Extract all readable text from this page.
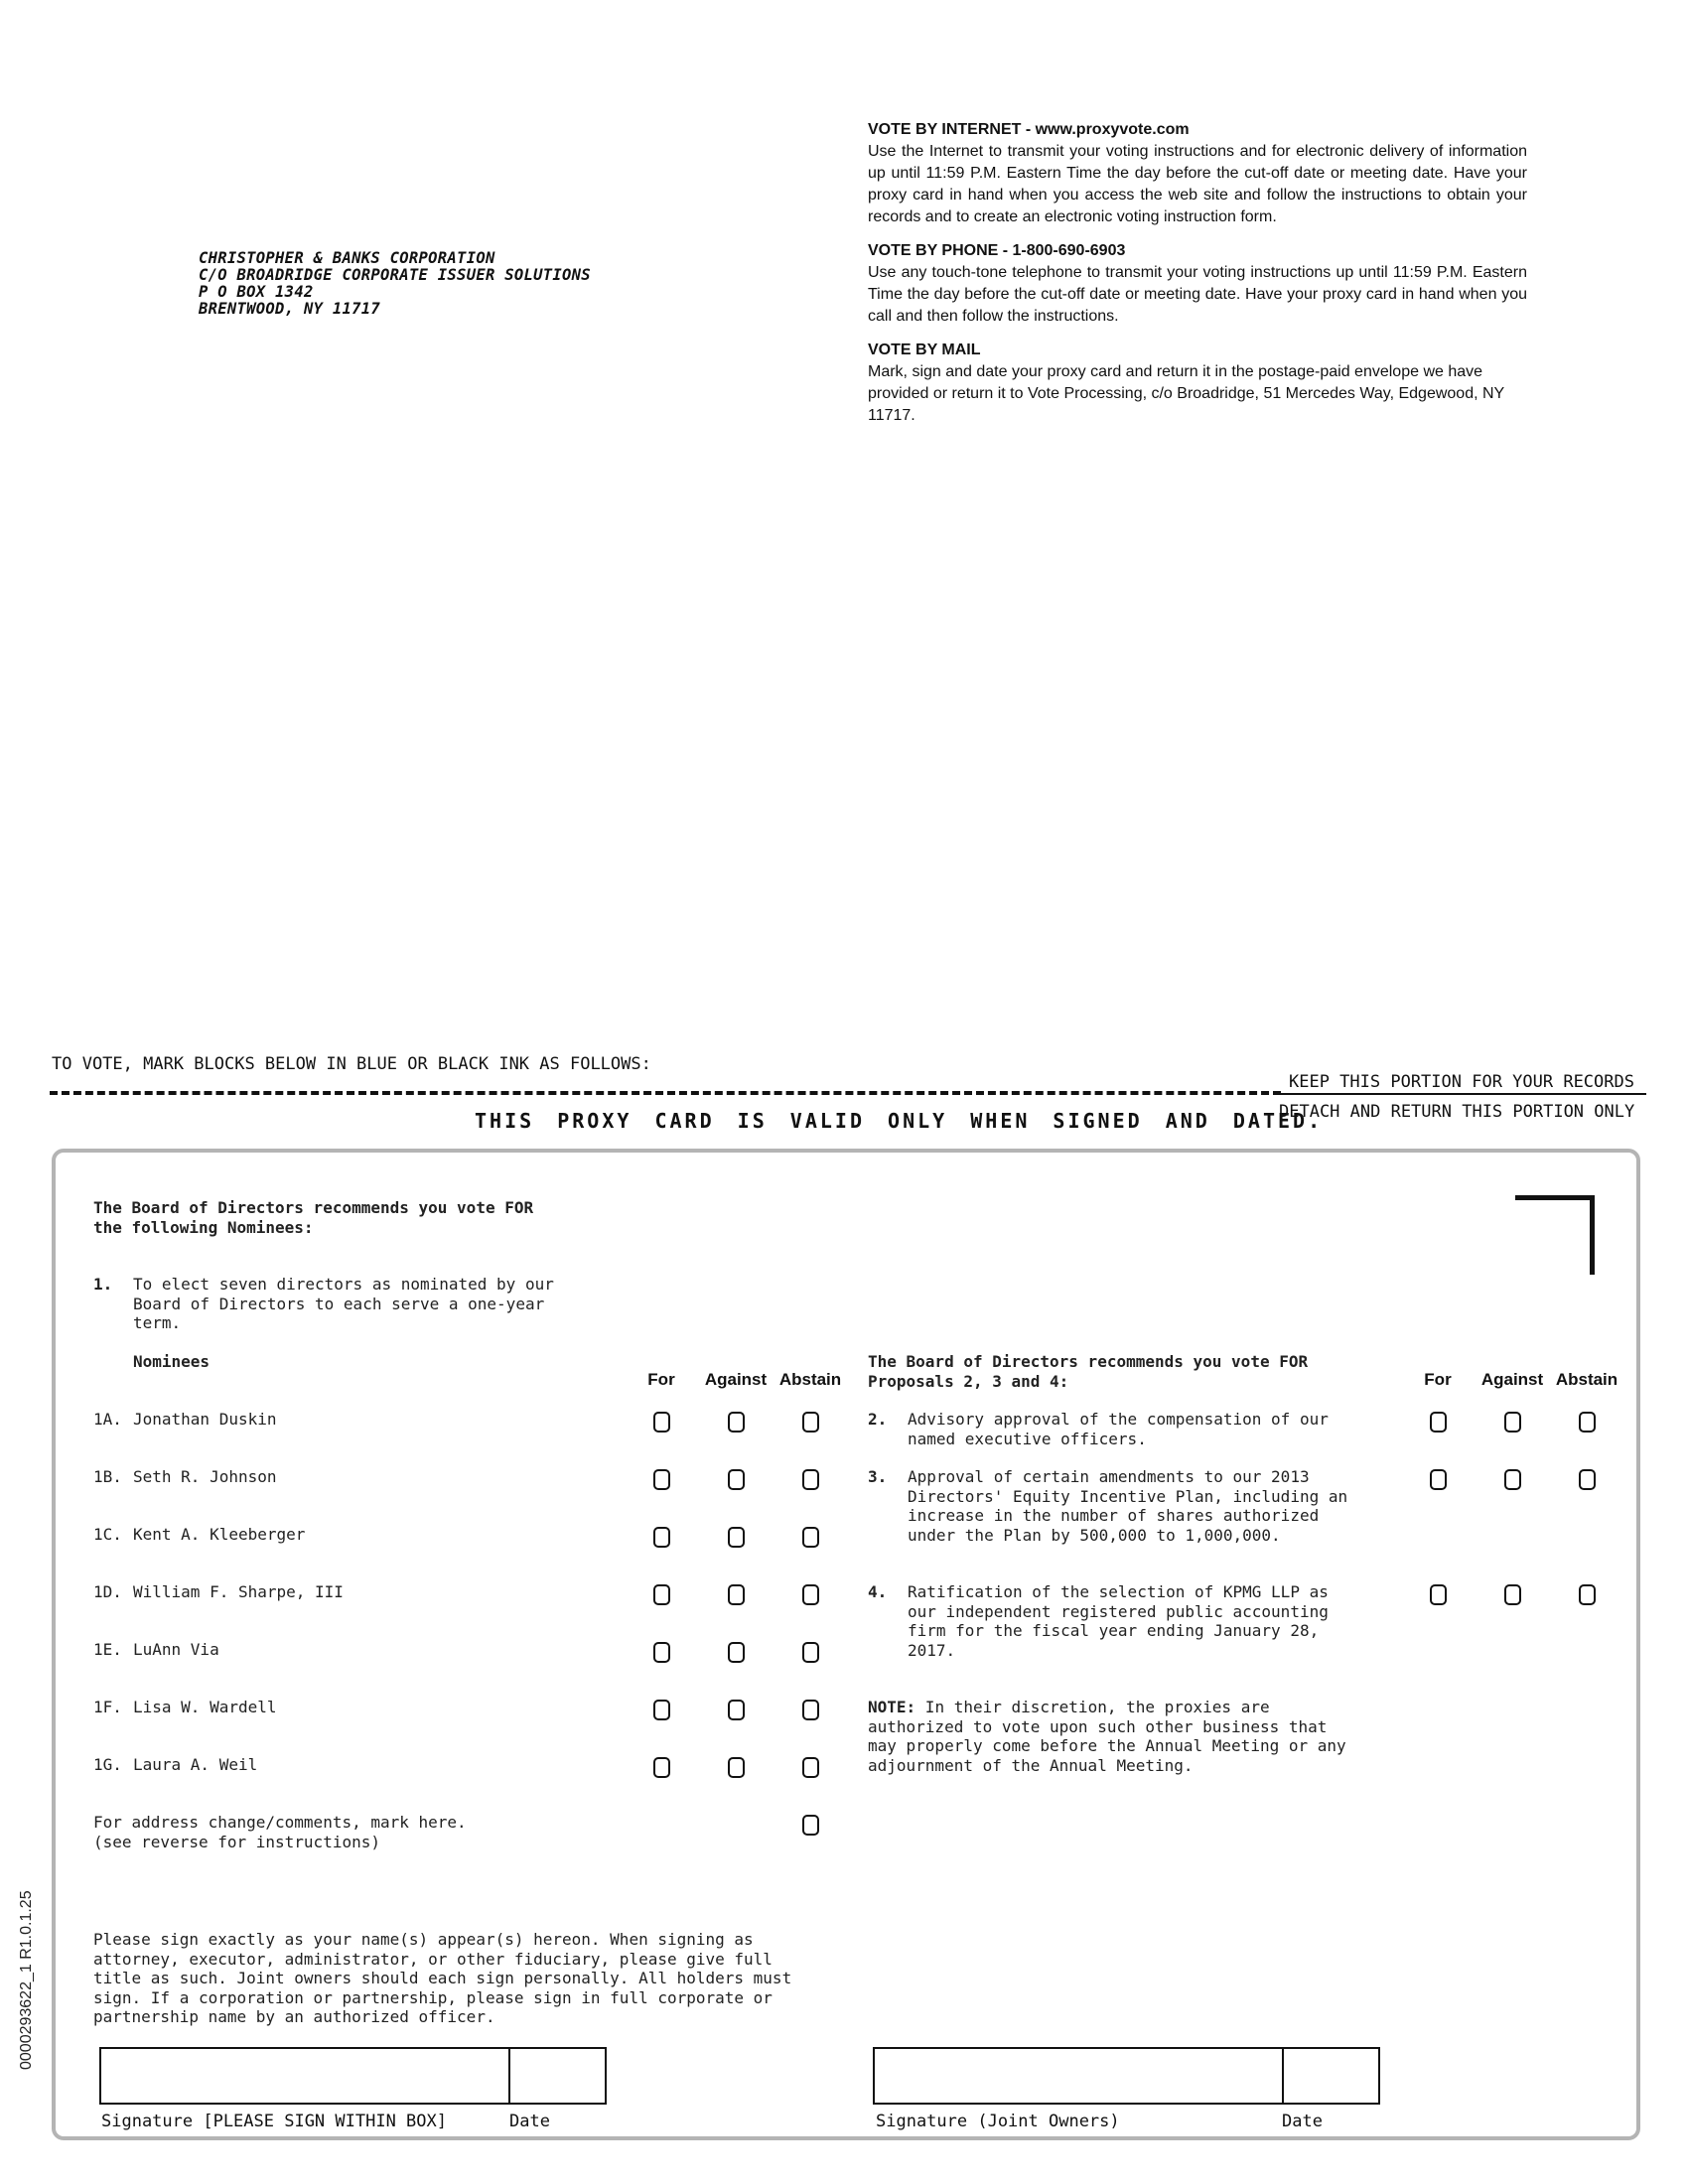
CHRISTOPHER & BANKS CORPORATION
C/O BROADRIDGE CORPORATE ISSUER SOLUTIONS
P O BOX 1342
BRENTWOOD, NY 11717
VOTE BY INTERNET - www.proxyvote.com
Use the Internet to transmit your voting instructions and for electronic delivery of information up until 11:59 P.M. Eastern Time the day before the cut-off date or meeting date. Have your proxy card in hand when you access the web site and follow the instructions to obtain your records and to create an electronic voting instruction form.
VOTE BY PHONE - 1-800-690-6903
Use any touch-tone telephone to transmit your voting instructions up until 11:59 P.M. Eastern Time the day before the cut-off date or meeting date. Have your proxy card in hand when you call and then follow the instructions.
VOTE BY MAIL
Mark, sign and date your proxy card and return it in the postage-paid envelope we have provided or return it to Vote Processing, c/o Broadridge, 51 Mercedes Way, Edgewood, NY 11717.
TO VOTE, MARK BLOCKS BELOW IN BLUE OR BLACK INK AS FOLLOWS:
KEEP THIS PORTION FOR YOUR RECORDS
DETACH AND RETURN THIS PORTION ONLY
THIS PROXY CARD IS VALID ONLY WHEN SIGNED AND DATED.
The Board of Directors recommends you vote FOR
the following Nominees:
1. To elect seven directors as nominated by our
Board of Directors to each serve a one-year
term.
Nominees
For	Against Abstain
1A. Jonathan Duskin
1B. Seth R. Johnson
1C. Kent A. Kleeberger
1D. William F. Sharpe, III
1E. LuAnn Via
1F. Lisa W. Wardell
1G. Laura A. Weil
For address change/comments, mark here.
(see reverse for instructions)
The Board of Directors recommends you vote FOR
Proposals 2, 3 and 4:	For	Against Abstain
2. Advisory approval of the compensation of our
named executive officers.
3. Approval of certain amendments to our 2013
Directors' Equity Incentive Plan, including an
increase in the number of shares authorized
under the Plan by 500,000 to 1,000,000.
4. Ratification of the selection of KPMG LLP as
our independent registered public accounting
firm for the fiscal year ending January 28,
2017.
NOTE: In their discretion, the proxies are
authorized to vote upon such other business that
may properly come before the Annual Meeting or any
adjournment of the Annual Meeting.
Please sign exactly as your name(s) appear(s) hereon. When signing as
attorney, executor, administrator, or other fiduciary, please give full
title as such. Joint owners should each sign personally. All holders must
sign. If a corporation or partnership, please sign in full corporate or
partnership name by an authorized officer.
Signature [PLEASE SIGN WITHIN BOX]	Date	Signature (Joint Owners)	Date
0000293622_1 R1.0.1.25
